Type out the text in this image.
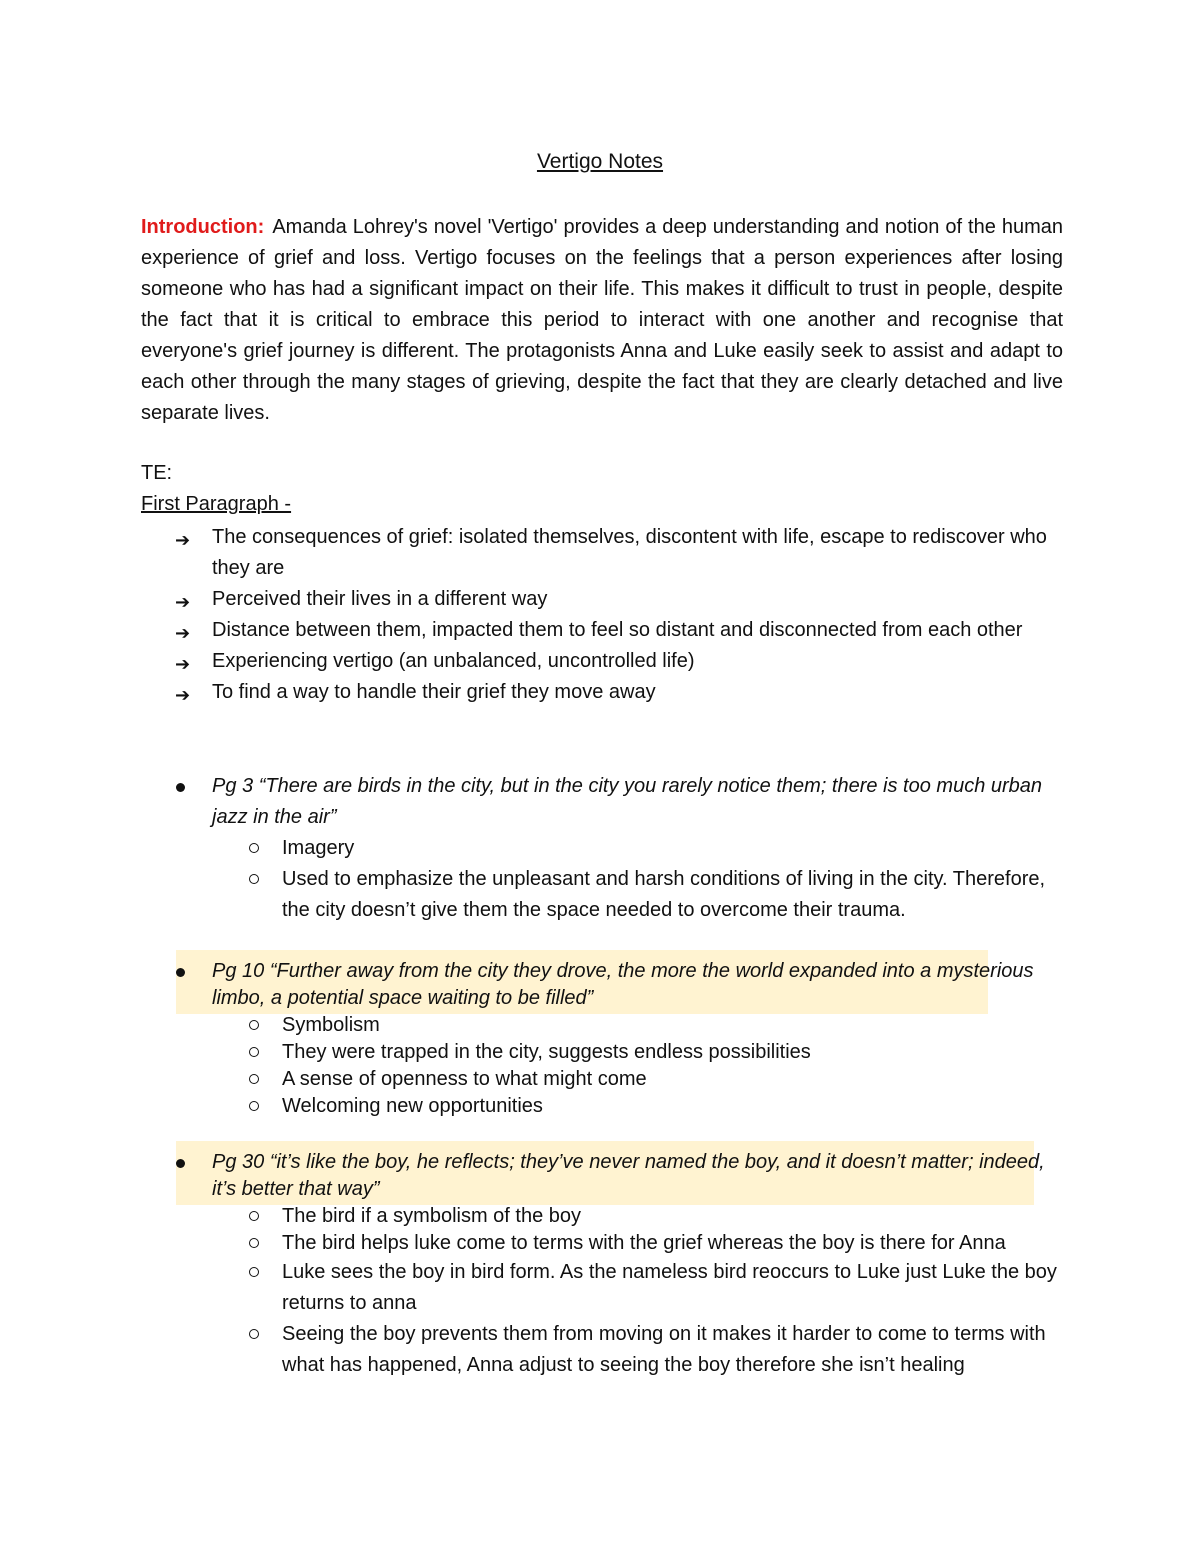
Vertigo Notes
Introduction: Amanda Lohrey's novel 'Vertigo' provides a deep understanding and notion of the human experience of grief and loss. Vertigo focuses on the feelings that a person experiences after losing someone who has had a significant impact on their life. This makes it difficult to trust in people, despite the fact that it is critical to embrace this period to interact with one another and recognise that everyone's grief journey is different. The protagonists Anna and Luke easily seek to assist and adapt to each other through the many stages of grieving, despite the fact that they are clearly detached and live separate lives.
TE:
First Paragraph -
➔ The consequences of grief: isolated themselves, discontent with life, escape to rediscover who they are
➔ Perceived their lives in a different way
➔ Distance between them, impacted them to feel so distant and disconnected from each other
➔ Experiencing vertigo (an unbalanced, uncontrolled life)
➔ To find a way to handle their grief they move away
Pg 3 “There are birds in the city, but in the city you rarely notice them; there is too much urban jazz in the air”
Imagery
Used to emphasize the unpleasant and harsh conditions of living in the city. Therefore, the city doesn’t give them the space needed to overcome their trauma.
Pg 10 “Further away from the city they drove, the more the world expanded into a mysterious limbo, a potential space waiting to be filled”
Symbolism
They were trapped in the city, suggests endless possibilities
A sense of openness to what might come
Welcoming new opportunities
Pg 30 “it’s like the boy, he reflects; they’ve never named the boy, and it doesn’t matter; indeed, it’s better that way”
The bird if a symbolism of the boy
The bird helps luke come to terms with the grief whereas the boy is there for Anna
Luke sees the boy in bird form. As the nameless bird reoccurs to Luke just Luke the boy returns to anna
Seeing the boy prevents them from moving on it makes it harder to come to terms with what has happened, Anna adjust to seeing the boy therefore she isn’t healing
